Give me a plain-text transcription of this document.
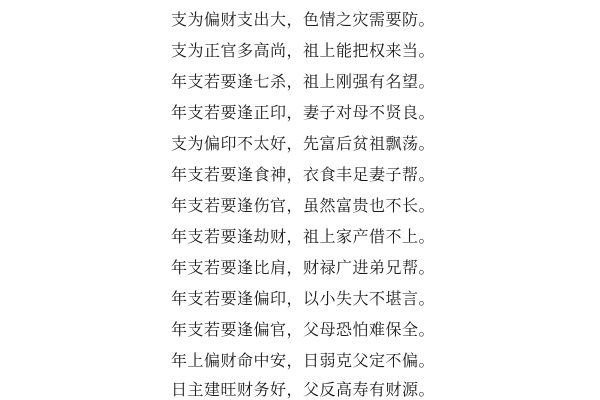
支为偏财支出大，色情之灾需要防。
支为正官多高尚，祖上能把权来当。
年支若要逢七杀，祖上刚强有名望。
年支若要逢正印，妻子对母不贤良。
支为偏印不太好，先富后贫祖飘荡。
年支若要逢食神，衣食丰足妻子帮。
年支若要逢伤官，虽然富贵也不长。
年支若要逢劫财，祖上家产借不上。
年支若要逢比肩，财禄广进弟兄帮。
年支若要逢偏印，以小失大不堪言。
年支若要逢偏官，父母恐怕难保全。
年上偏财命中安，日弱克父定不偏。
日主建旺财务好，父反高寿有财源。
